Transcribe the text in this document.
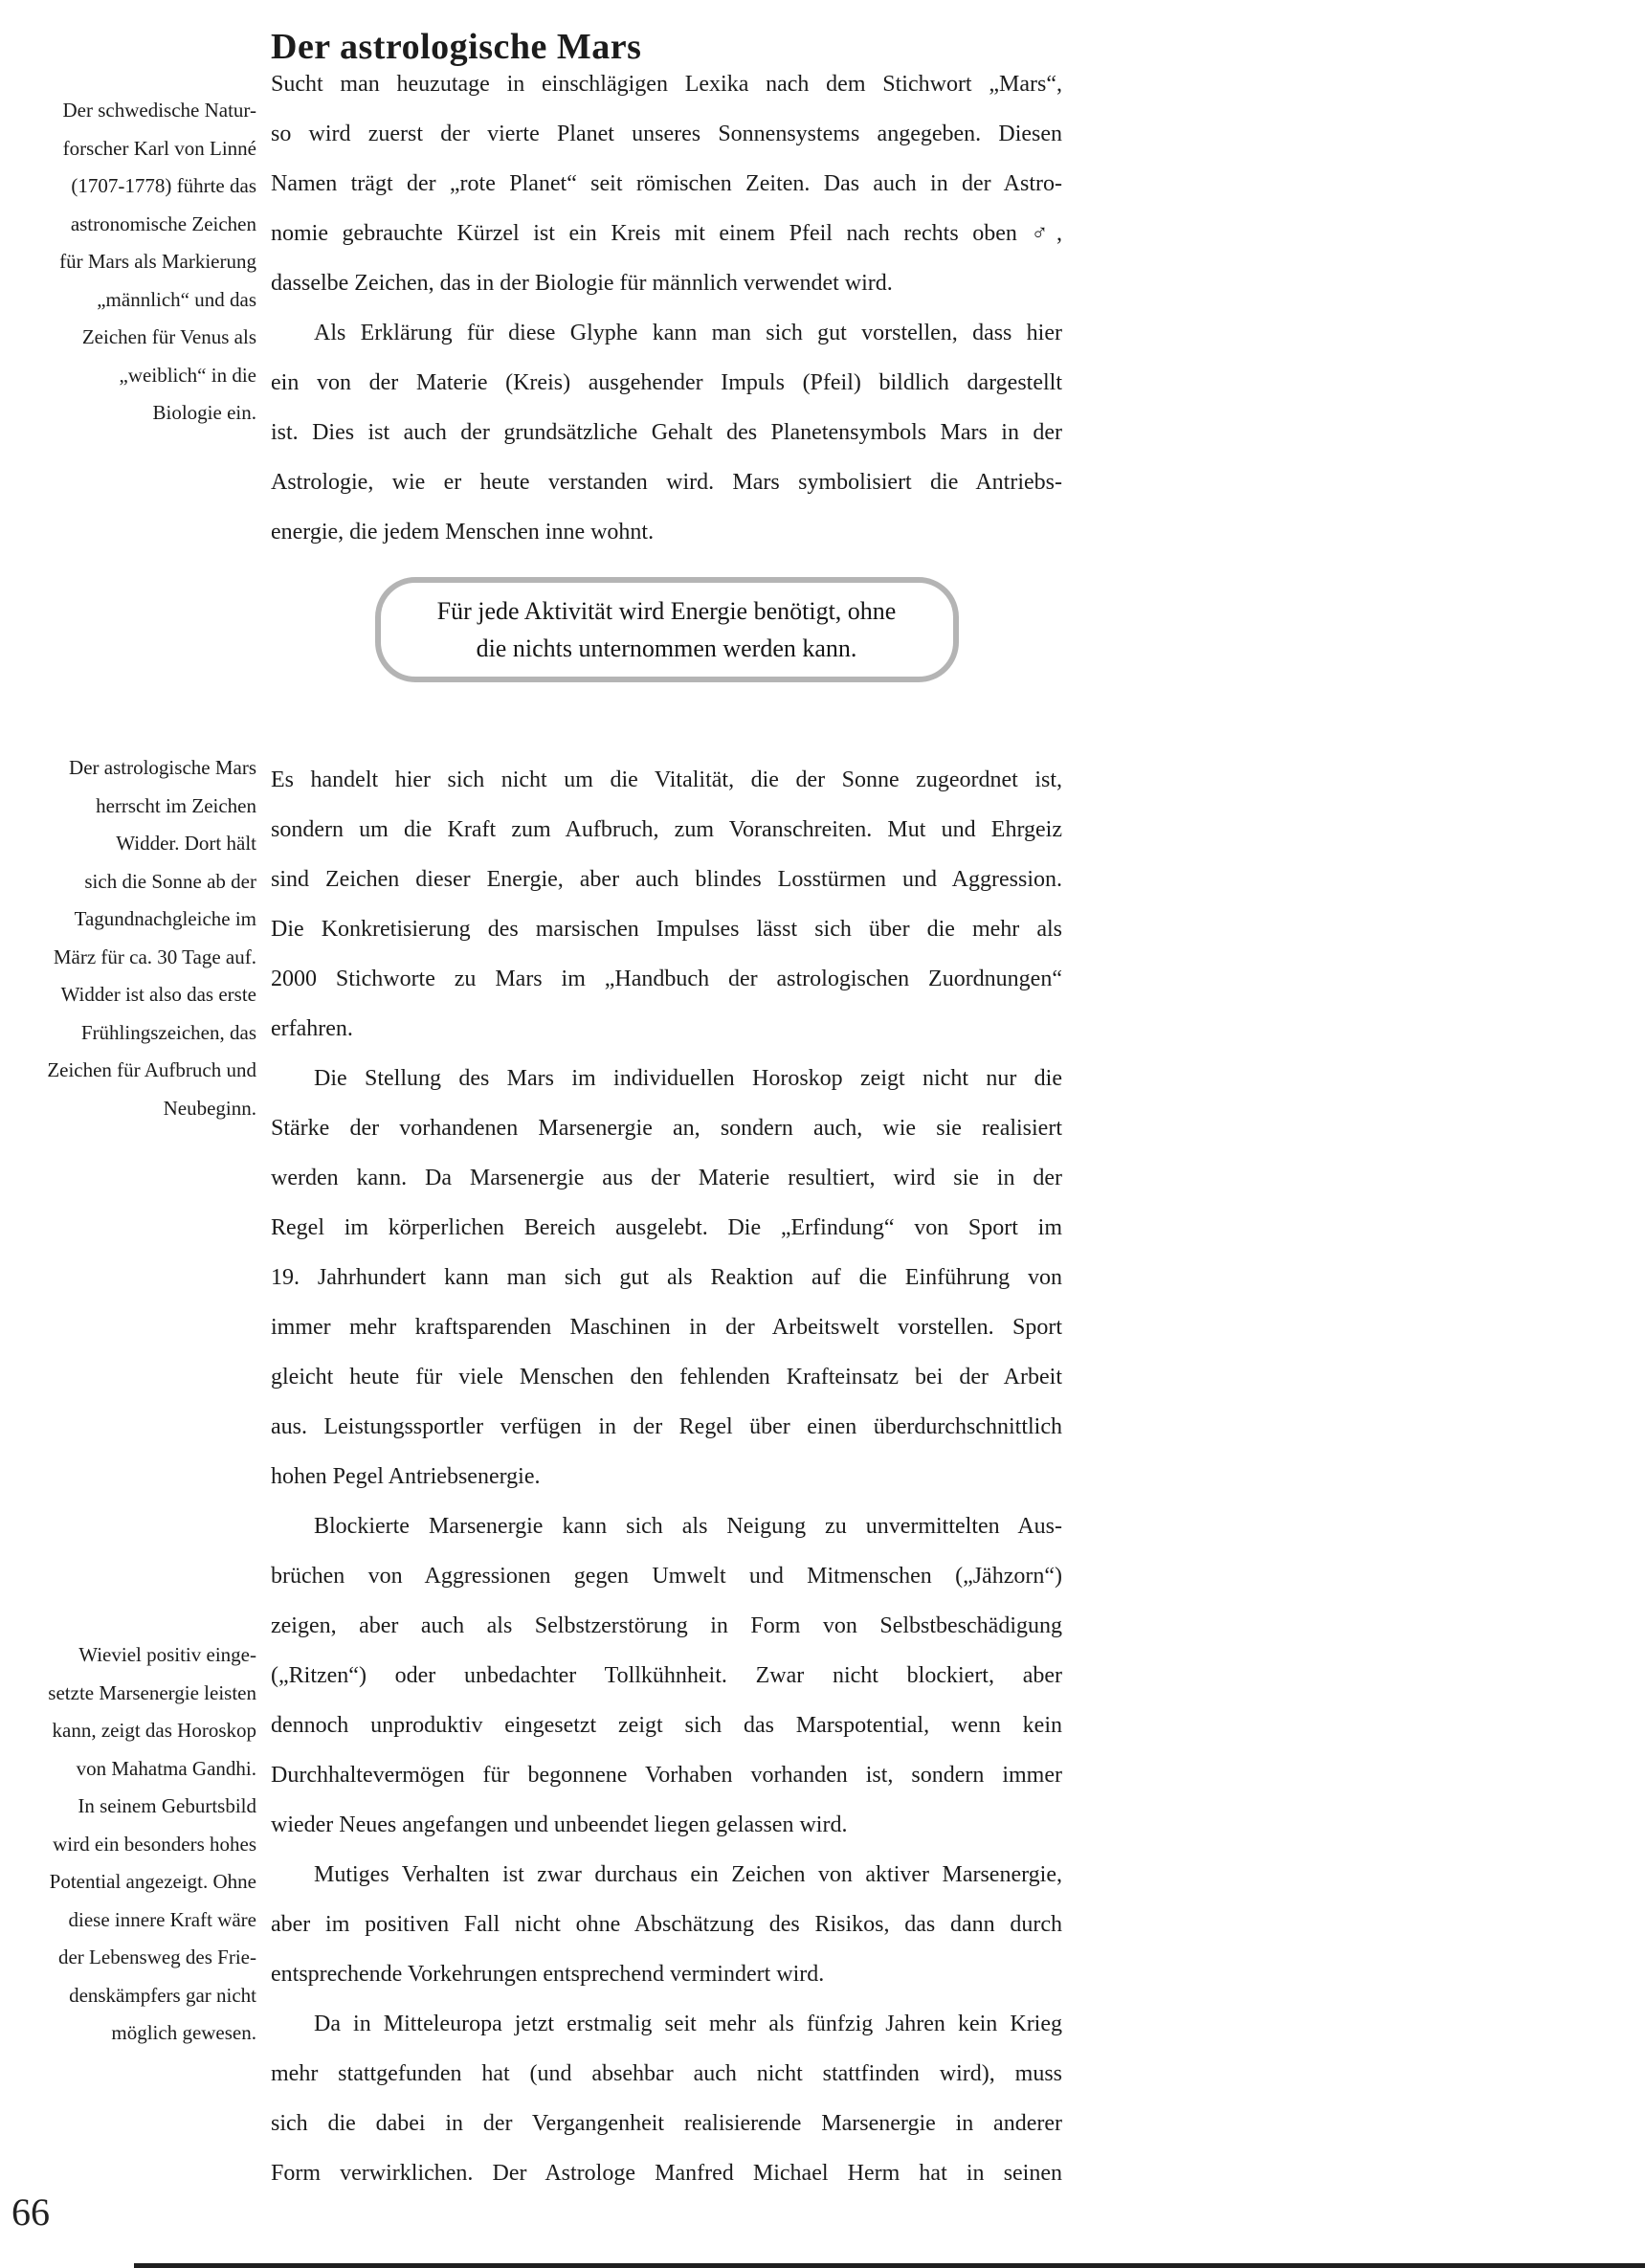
Der astrologische Mars
Der schwedische Natur-
forscher Karl von Linné
(1707-1778) führte das
astronomische Zeichen
für Mars als Markierung
„männlich“ und das
Zeichen für Venus als
„weiblich“ in die
Biologie ein.
Der astrologische Mars
herrscht im Zeichen
Widder. Dort hält
sich die Sonne ab der
Tagundnachgleiche im
März für ca. 30 Tage auf.
Widder ist also das erste
Frühlingszeichen, das
Zeichen für Aufbruch und
Neubeginn.
Wieviel positiv einge-
setzte Marsenergie leisten
kann, zeigt das Horoskop
von Mahatma Gandhi.
In seinem Geburtsbild
wird ein besonders hohes
Potential angezeigt. Ohne
diese innere Kraft wäre
der Lebensweg des Frie-
denskämpfers gar nicht
möglich gewesen.
Sucht man heuzutage in einschlägigen Lexika nach dem Stichwort „Mars“,
so wird zuerst der vierte Planet unseres Sonnensystems angegeben. Diesen
Namen trägt der „rote Planet“ seit römischen Zeiten. Das auch in der Astro-
nomie gebrauchte Kürzel ist ein Kreis mit einem Pfeil nach rechts oben ♂,
dasselbe Zeichen, das in der Biologie für männlich verwendet wird.
Als Erklärung für diese Glyphe kann man sich gut vorstellen, dass hier
ein von der Materie (Kreis) ausgehender Impuls (Pfeil) bildlich dargestellt
ist. Dies ist auch der grundsätzliche Gehalt des Planetensymbols Mars in der
Astrologie, wie er heute verstanden wird. Mars symbolisiert die Antriebs-
energie, die jedem Menschen inne wohnt.
Für jede Aktivität wird Energie benötigt, ohne
die nichts unternommen werden kann.
Es handelt hier sich nicht um die Vitalität, die der Sonne zugeordnet ist,
sondern um die Kraft zum Aufbruch, zum Voranschreiten. Mut und Ehrgeiz
sind Zeichen dieser Energie, aber auch blindes Losstürmen und Aggression.
Die Konkretisierung des marsischen Impulses lässt sich über die mehr als
2000 Stichworte zu Mars im „Handbuch der astrologischen Zuordnungen“
erfahren.
Die Stellung des Mars im individuellen Horoskop zeigt nicht nur die
Stärke der vorhandenen Marsenergie an, sondern auch, wie sie realisiert
werden kann. Da Marsenergie aus der Materie resultiert, wird sie in der
Regel im körperlichen Bereich ausgelebt. Die „Erfindung“ von Sport im
19. Jahrhundert kann man sich gut als Reaktion auf die Einführung von
immer mehr kraftsparenden Maschinen in der Arbeitswelt vorstellen. Sport
gleicht heute für viele Menschen den fehlenden Krafteinsatz bei der Arbeit
aus. Leistungssportler verfügen in der Regel über einen überdurchschnittlich
hohen Pegel Antriebsenergie.
Blockierte Marsenergie kann sich als Neigung zu unvermittelten Aus-
brüchen von Aggressionen gegen Umwelt und Mitmenschen („Jähzorn“)
zeigen, aber auch als Selbstzerstörung in Form von Selbstbeschädigung
(„Ritzen“) oder unbedachter Tollkühnheit. Zwar nicht blockiert, aber
dennoch unproduktiv eingesetzt zeigt sich das Marspotential, wenn kein
Durchhaltevermögen für begonnene Vorhaben vorhanden ist, sondern immer
wieder Neues angefangen und unbeendet liegen gelassen wird.
Mutiges Verhalten ist zwar durchaus ein Zeichen von aktiver Marsenergie,
aber im positiven Fall nicht ohne Abschätzung des Risikos, das dann durch
entsprechende Vorkehrungen entsprechend vermindert wird.
Da in Mitteleuropa jetzt erstmalig seit mehr als fünfzig Jahren kein Krieg
mehr stattgefunden hat (und absehbar auch nicht stattfinden wird), muss
sich die dabei in der Vergangenheit realisierende Marsenergie in anderer
Form verwirklichen. Der Astrologe Manfred Michael Herm hat in seinen
66
